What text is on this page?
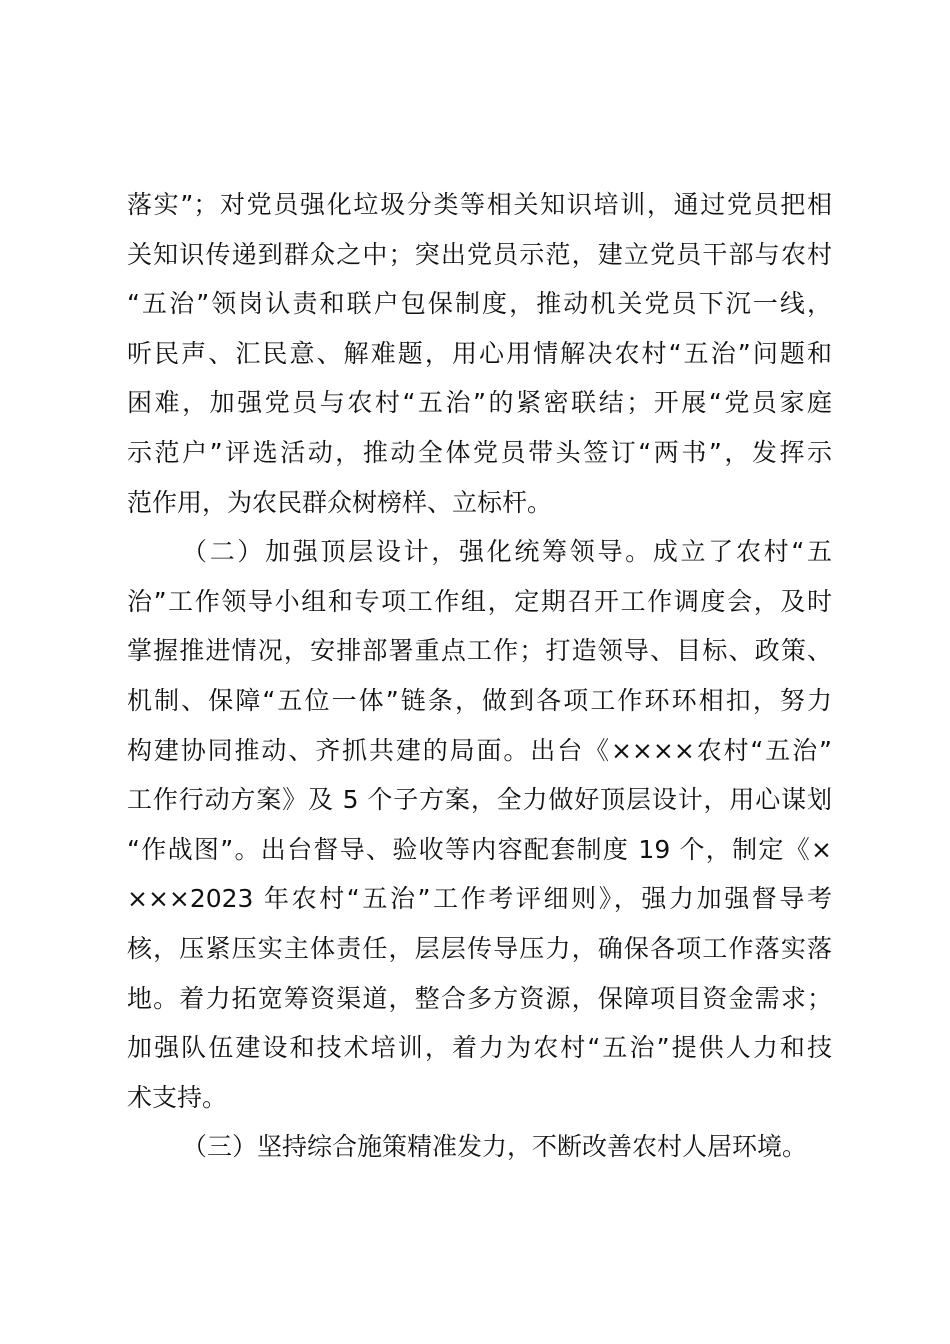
落实”；对党员强化垃圾分类等相关知识培训，通过党员把相
关知识传递到群众之中；突出党员示范，建立党员干部与农村
“五治”领岗认责和联户包保制度，推动机关党员下沉一线，
听民声、汇民意、解难题，用心用情解决农村“五治”问题和
困难，加强党员与农村“五治”的紧密联结；开展“党员家庭
示范户”评选活动，推动全体党员带头签订“两书”，发挥示
范作用，为农民群众树榜样、立标杆。
（二）加强顶层设计，强化统筹领导。成立了农村“五
治”工作领导小组和专项工作组，定期召开工作调度会，及时
掌握推进情况，安排部署重点工作；打造领导、目标、政策、
机制、保障“五位一体”链条，做到各项工作环环相扣，努力
构建协同推动、齐抓共建的局面。出台《××××农村“五治”
工作行动方案》及 5 个子方案，全力做好顶层设计，用心谋划
“作战图”。出台督导、验收等内容配套制度 19 个，制定《×
×××2023 年农村“五治”工作考评细则》，强力加强督导考
核，压紧压实主体责任，层层传导压力，确保各项工作落实落
地。着力拓宽筹资渠道，整合多方资源，保障项目资金需求；
加强队伍建设和技术培训，着力为农村“五治”提供人力和技
术支持。
（三）坚持综合施策精准发力，不断改善农村人居环境。
